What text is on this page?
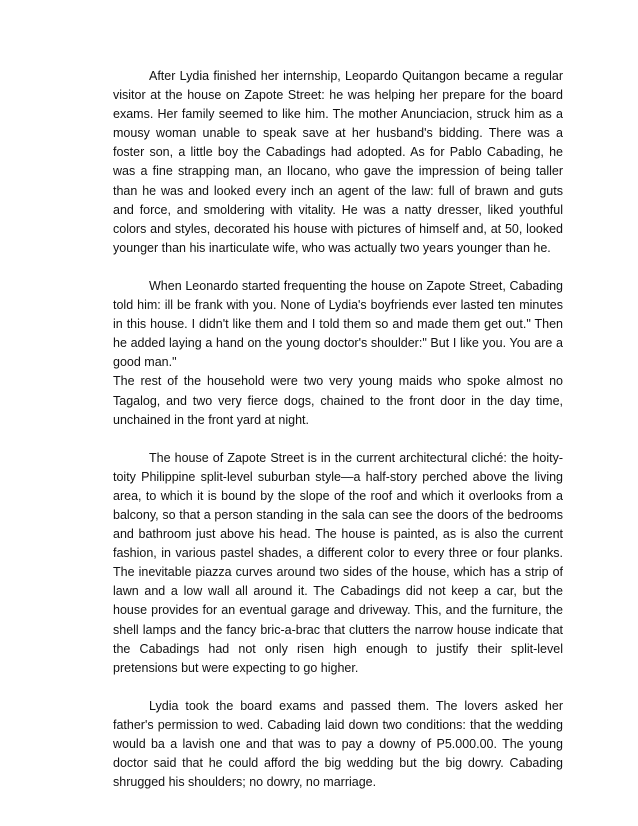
After Lydia finished her internship, Leopardo Quitangon became a regular visitor at the house on Zapote Street: he was helping her prepare for the board exams. Her family seemed to like him. The mother Anunciacion, struck him as a mousy woman unable to speak save at her husband's bidding. There was a foster son, a little boy the Cabadings had adopted. As for Pablo Cabading, he was a fine strapping man, an Ilocano, who gave the impression of being taller than he was and looked every inch an agent of the law: full of brawn and guts and force, and smoldering with vitality. He was a natty dresser, liked youthful colors and styles, decorated his house with pictures of himself and, at 50, looked younger than his inarticulate wife, who was actually two years younger than he.

When Leonardo started frequenting the house on Zapote Street, Cabading told him: ill be frank with you. None of Lydia's boyfriends ever lasted ten minutes in this house. I didn't like them and I told them so and made them get out." Then he added laying a hand on the young doctor's shoulder:" But I like you. You are a good man."

The rest of the household were two very young maids who spoke almost no Tagalog, and two very fierce dogs, chained to the front door in the day time, unchained in the front yard at night.

The house of Zapote Street is in the current architectural cliché: the hoity-toity Philippine split-level suburban style—a half-story perched above the living area, to which it is bound by the slope of the roof and which it overlooks from a balcony, so that a person standing in the sala can see the doors of the bedrooms and bathroom just above his head. The house is painted, as is also the current fashion, in various pastel shades, a different color to every three or four planks. The inevitable piazza curves around two sides of the house, which has a strip of lawn and a low wall all around it. The Cabadings did not keep a car, but the house provides for an eventual garage and driveway. This, and the furniture, the shell lamps and the fancy bric-a-brac that clutters the narrow house indicate that the Cabadings had not only risen high enough to justify their split-level pretensions but were expecting to go higher.

Lydia took the board exams and passed them. The lovers asked her father's permission to wed. Cabading laid down two conditions: that the wedding would ba a lavish one and that was to pay a downy of P5.000.00. The young doctor said that he could afford the big wedding but the big dowry. Cabading shrugged his shoulders; no dowry, no marriage.
